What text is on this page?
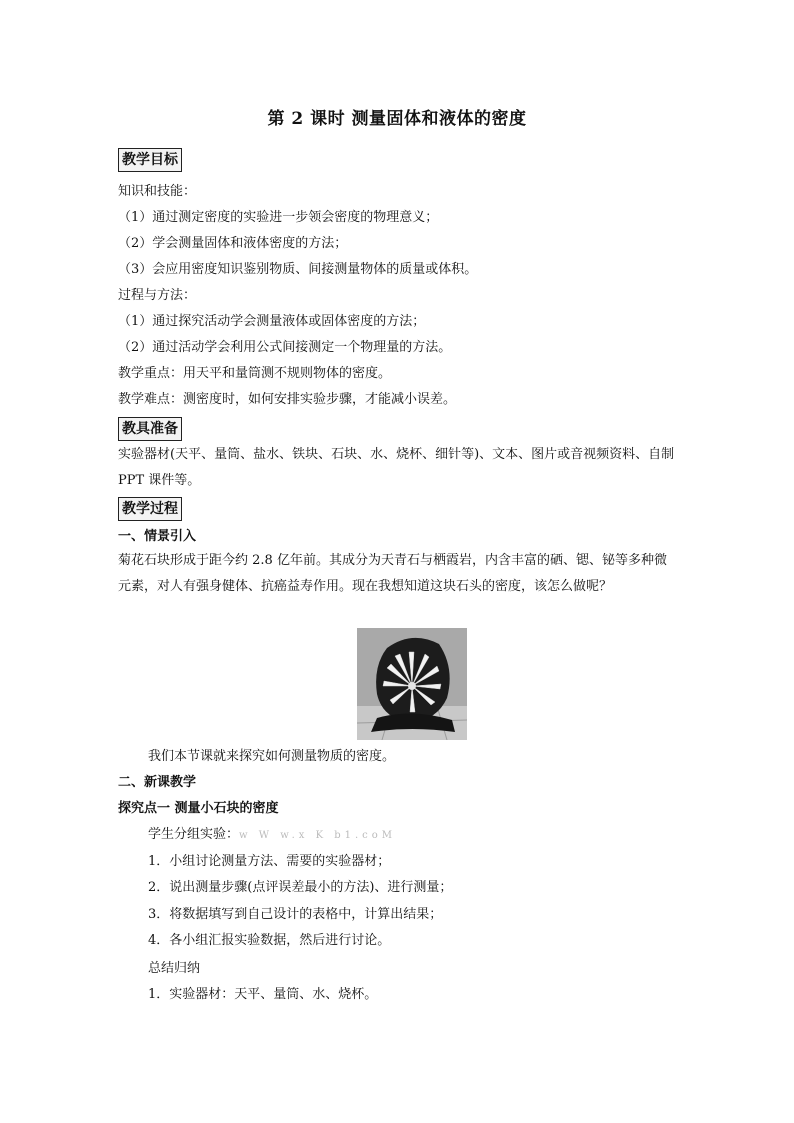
第 2 课时 测量固体和液体的密度
教学目标
知识和技能：
（1）通过测定密度的实验进一步领会密度的物理意义；
（2）学会测量固体和液体密度的方法；
（3）会应用密度知识鉴别物质、间接测量物体的质量或体积。
过程与方法：
（1）通过探究活动学会测量液体或固体密度的方法；
（2）通过活动学会利用公式间接测定一个物理量的方法。
教学重点：用天平和量筒测不规则物体的密度。
教学难点：测密度时，如何安排实验步骤，才能减小误差。
教具准备
实验器材(天平、量筒、盐水、铁块、石块、水、烧杯、细针等)、文本、图片或音视频资料、自制 PPT 课件等。
教学过程
一、情景引入
菊花石块形成于距今约 2.8 亿年前。其成分为天青石与栖霞岩，内含丰富的硒、锶、铋等多种微元素，对人有强身健体、抗癌益寿作用。现在我想知道这块石头的密度，该怎么做呢？
我们本节课就来探究如何测量物质的密度。
二、新课教学
探究点一 测量小石块的密度
学生分组实验：w W w.x K b1.coM
1．小组讨论测量方法、需要的实验器材；
2．说出测量步骤(点评误差最小的方法)、进行测量；
3．将数据填写到自己设计的表格中，计算出结果；
4．各小组汇报实验数据，然后进行讨论。
总结归纳
1．实验器材：天平、量筒、水、烧杯。
